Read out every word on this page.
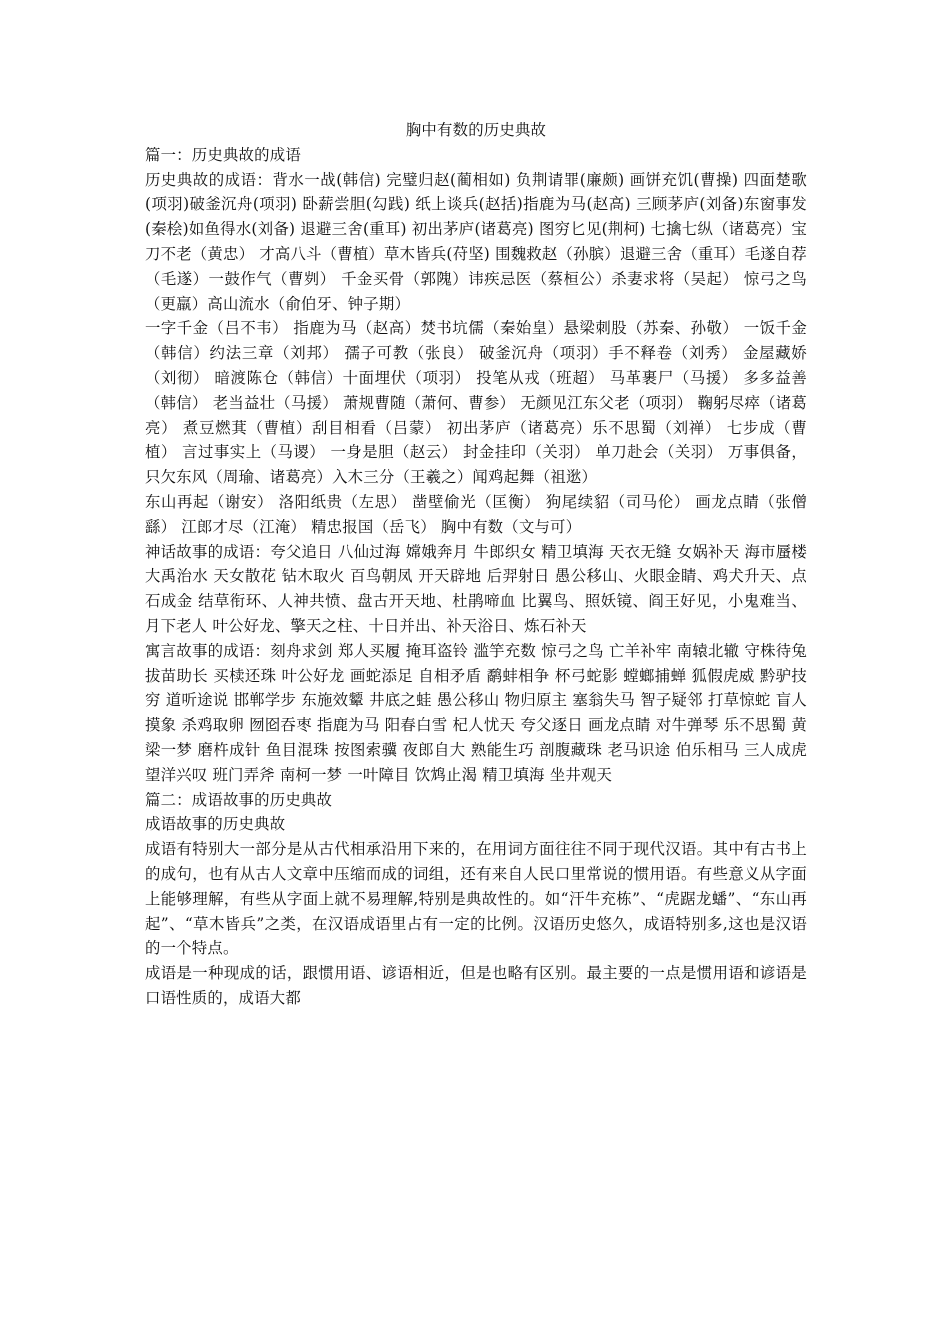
胸中有数的历史典故

篇一：历史典故的成语

历史典故的成语：背水一战(韩信) 完璧归赵(蔺相如) 负荆请罪(廉颇) 画饼充饥(曹操) 四面楚歌(项羽)破釜沉舟(项羽) 卧薪尝胆(勾践) 纸上谈兵(赵括)指鹿为马(赵高) 三顾茅庐(刘备)东窗事发(秦桧)如鱼得水(刘备) 退避三舍(重耳) 初出茅庐(诸葛亮) 图穷匕见(荆柯) 七擒七纵（诸葛亮）宝刀不老（黄忠） 才高八斗（曹植）草木皆兵(苻坚) 围魏救赵（孙膑）退避三舍（重耳）毛遂自荐（毛遂）一鼓作气（曹刿） 千金买骨（郭隗）讳疾忌医（蔡桓公）杀妻求将（吴起） 惊弓之鸟（更羸）高山流水（俞伯牙、钟子期）

一字千金（吕不韦） 指鹿为马（赵高）焚书坑儒（秦始皇）悬梁刺股（苏秦、孙敬） 一饭千金（韩信）约法三章（刘邦） 孺子可教（张良） 破釜沉舟（项羽）手不释卷（刘秀） 金屋藏娇（刘彻） 暗渡陈仓（韩信）十面埋伏（项羽） 投笔从戎（班超） 马革裹尸（马援） 多多益善（韩信） 老当益壮（马援） 萧规曹随（萧何、曹参） 无颜见江东父老（项羽） 鞠躬尽瘁（诸葛亮） 煮豆燃萁（曹植）刮目相看（吕蒙） 初出茅庐（诸葛亮）乐不思蜀（刘禅） 七步成（曹植） 言过事实上（马谡） 一身是胆（赵云） 封金挂印（关羽） 单刀赴会（关羽） 万事俱备，只欠东风（周瑜、诸葛亮）入木三分（王羲之）闻鸡起舞（祖逖）

东山再起（谢安） 洛阳纸贵（左思） 凿壁偷光（匡衡） 狗尾续貂（司马伦） 画龙点睛（张僧繇） 江郎才尽（江淹） 精忠报国（岳飞） 胸中有数（文与可）

神话故事的成语：夸父追日 八仙过海 嫦娥奔月 牛郎织女 精卫填海 天衣无缝 女娲补天 海市蜃楼 大禹治水 天女散花 钻木取火 百鸟朝凤 开天辟地 后羿射日 愚公移山、火眼金睛、鸡犬升天、点石成金 结草衔环、人神共愤、盘古开天地、杜鹃啼血 比翼鸟、照妖镜、阎王好见，小鬼难当、月下老人 叶公好龙、擎天之柱、十日并出、补天浴日、炼石补天

寓言故事的成语：刻舟求剑 郑人买履 掩耳盗铃 滥竽充数 惊弓之鸟 亡羊补牢 南辕北辙 守株待兔 拔苗助长 买椟还珠 叶公好龙 画蛇添足 自相矛盾 鹬蚌相争 杯弓蛇影 螳螂捕蝉 狐假虎威 黔驴技穷 道听途说 邯郸学步 东施效颦 井底之蛙 愚公移山 物归原主 塞翁失马 智子疑邻 打草惊蛇 盲人摸象 杀鸡取卵 囫囵吞枣 指鹿为马 阳春白雪 杞人忧天 夸父逐日 画龙点睛 对牛弹琴 乐不思蜀 黄梁一梦 磨杵成针 鱼目混珠 按图索骥 夜郎自大 熟能生巧 剖腹藏珠 老马识途 伯乐相马 三人成虎 望洋兴叹 班门弄斧 南柯一梦 一叶障目 饮鸩止渴 精卫填海 坐井观天

篇二：成语故事的历史典故

成语故事的历史典故

成语有特别大一部分是从古代相承沿用下来的，在用词方面往往不同于现代汉语。其中有古书上的成句，也有从古人文章中压缩而成的词组，还有来自人民口里常说的惯用语。有些意义从字面上能够理解，有些从字面上就不易理解,特别是典故性的。如“汗牛充栋”、“虎踞龙蟠”、“东山再起”、“草木皆兵”之类，在汉语成语里占有一定的比例。汉语历史悠久，成语特别多,这也是汉语的一个特点。

成语是一种现成的话，跟惯用语、谚语相近，但是也略有区别。最主要的一点是惯用语和谚语是口语性质的，成语大都
